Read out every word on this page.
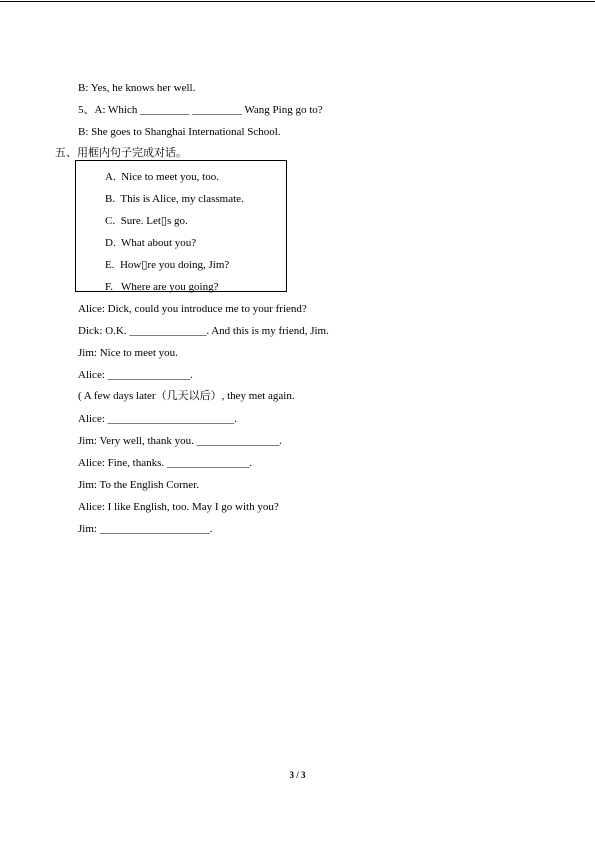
B: Yes, he knows her well.
5、A: Which _________ _________ Wang Ping go to?
B: She goes to Shanghai International School.
五、用框内句子完成对话。
A.  Nice to meet you, too.
B.  This is Alice, my classmate.
C.  Sure. Let▯s go.
D.  What about you?
E.  How▯re you doing, Jim?
F.   Where are you going?
Alice: Dick, could you introduce me to your friend?
Dick: O.K. ______________. And this is my friend, Jim.
Jim: Nice to meet you.
Alice: _______________.
( A few days later（几天以后）, they met again.
Alice: _______________________.
Jim: Very well, thank you. _______________.
Alice: Fine, thanks. _______________.
Jim: To the English Corner.
Alice: I like English, too. May I go with you?
Jim: ____________________.
3 / 3
